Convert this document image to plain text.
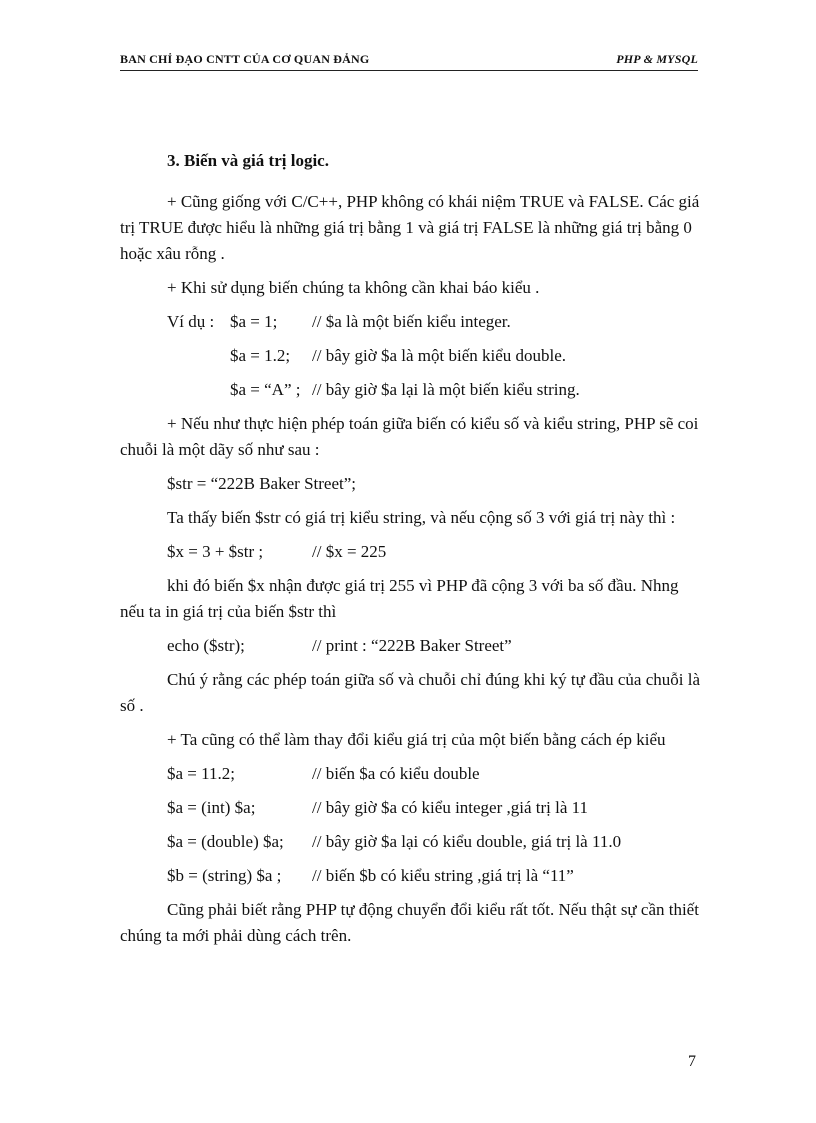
BAN CHỈ ĐẠO CNTT CỦA CƠ QUAN ĐẢNG	PHP & MYSQL
3. Biến và giá trị logic.

+ Cũng giống với C/C++, PHP không có khái niệm TRUE và FALSE. Các giá trị TRUE được hiểu là những giá trị bằng 1 và giá trị FALSE là những giá trị bằng 0 hoặc xâu rỗng .

+ Khi sử dụng biến chúng ta không cần khai báo kiểu .

Ví dụ : $a = 1;	// $a là một biến kiểu integer.
$a = 1.2;	// bây giờ $a là một biến kiểu double.
$a = “A” ; // bây giờ $a lại là một biến kiểu string.

+ Nếu như thực hiện phép toán giữa biến có kiểu số và kiểu string, PHP sẽ coi chuỗi là một dãy số như sau :

$str = “222B Baker Street”;

Ta thấy biến $str có giá trị kiểu string, và nếu cộng số 3 với giá trị này thì :

$x = 3 + $str ;	// $x = 225

khi đó biến $x nhận được giá trị 255 vì PHP đã cộng 3 với ba số đầu. Nhng nếu ta in giá trị của biến $str thì

echo ($str);	// print : “222B Baker Street”

Chú ý rằng các phép toán giữa số và chuỗi chỉ đúng khi ký tự đầu của chuỗi là số .

+ Ta cũng có thể làm thay đổi kiểu giá trị của một biến bằng cách ép kiểu

$a = 11.2;	// biến $a có kiểu double
$a = (int) $a;	// bây giờ $a có kiểu integer ,giá trị là 11
$a = (double) $a;	// bây giờ $a lại có kiểu double, giá trị là 11.0
$b = (string) $a ;	// biến $b có kiểu string ,giá trị là “11”

Cũng phải biết rằng PHP tự động chuyển đổi kiểu rất tốt. Nếu thật sự cần thiết chúng ta mới phải dùng cách trên.

7
